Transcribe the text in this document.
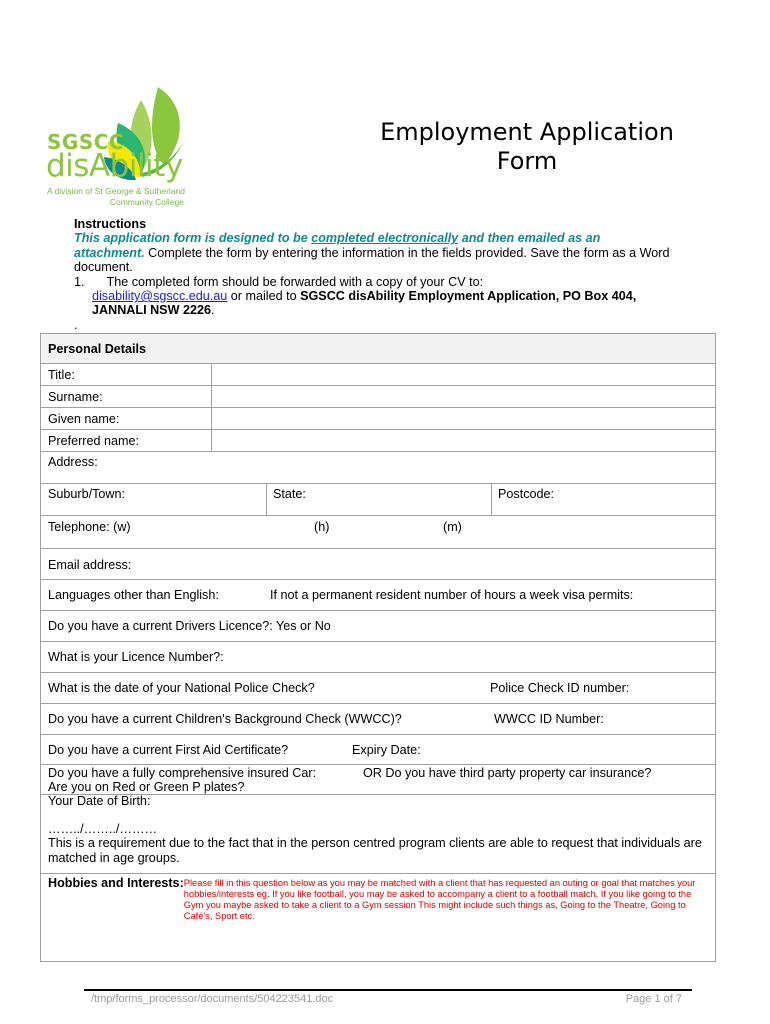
SGSCC
disAbility
A division of St George & Sutherland
Community College
Employment Application Form
Instructions
This application form is designed to be completed electronically and then emailed as an attachment. Complete the form by entering the information in the fields provided. Save the form as a Word document.
1. The completed form should be forwarded with a copy of your CV to:
disability@sgscc.edu.au or mailed to SGSCC disAbility Employment Application, PO Box 404, JANNALI NSW 2226.
.
Personal Details
Title:
Surname:
Given name:
Preferred name:
Address:
Suburb/Town:	State:	Postcode:
Telephone: (w)	(h)	(m)
Email address:
Languages other than English:	If not a permanent resident number of hours a week visa permits:
Do you have a current Drivers Licence?: Yes or No
What is your Licence Number?:
What is the date of your National Police Check?	Police Check ID number:
Do you have a current Children's Background Check (WWCC)?	WWCC ID Number:
Do you have a current First Aid Certificate?	Expiry Date:
Do you have a fully comprehensive insured Car:	OR Do you have third party property car insurance?
Are you on Red or Green P plates?
Your Date of Birth:
……../……../………
This is a requirement due to the fact that in the person centred program clients are able to request that individuals are matched in age groups.
Hobbies and Interests: Please fill in this question below as you may be matched with a client that has requested an outing or goal that matches your hobbies/interests eg. If you like football, you may be asked to accompany a client to a football match. If you like going to the Gym you maybe asked to take a client to a Gym session This might include such things as, Going to the Theatre, Going to Café's, Sport etc.
/tmp/forms_processor/documents/504223541.doc	Page 1 of 7
